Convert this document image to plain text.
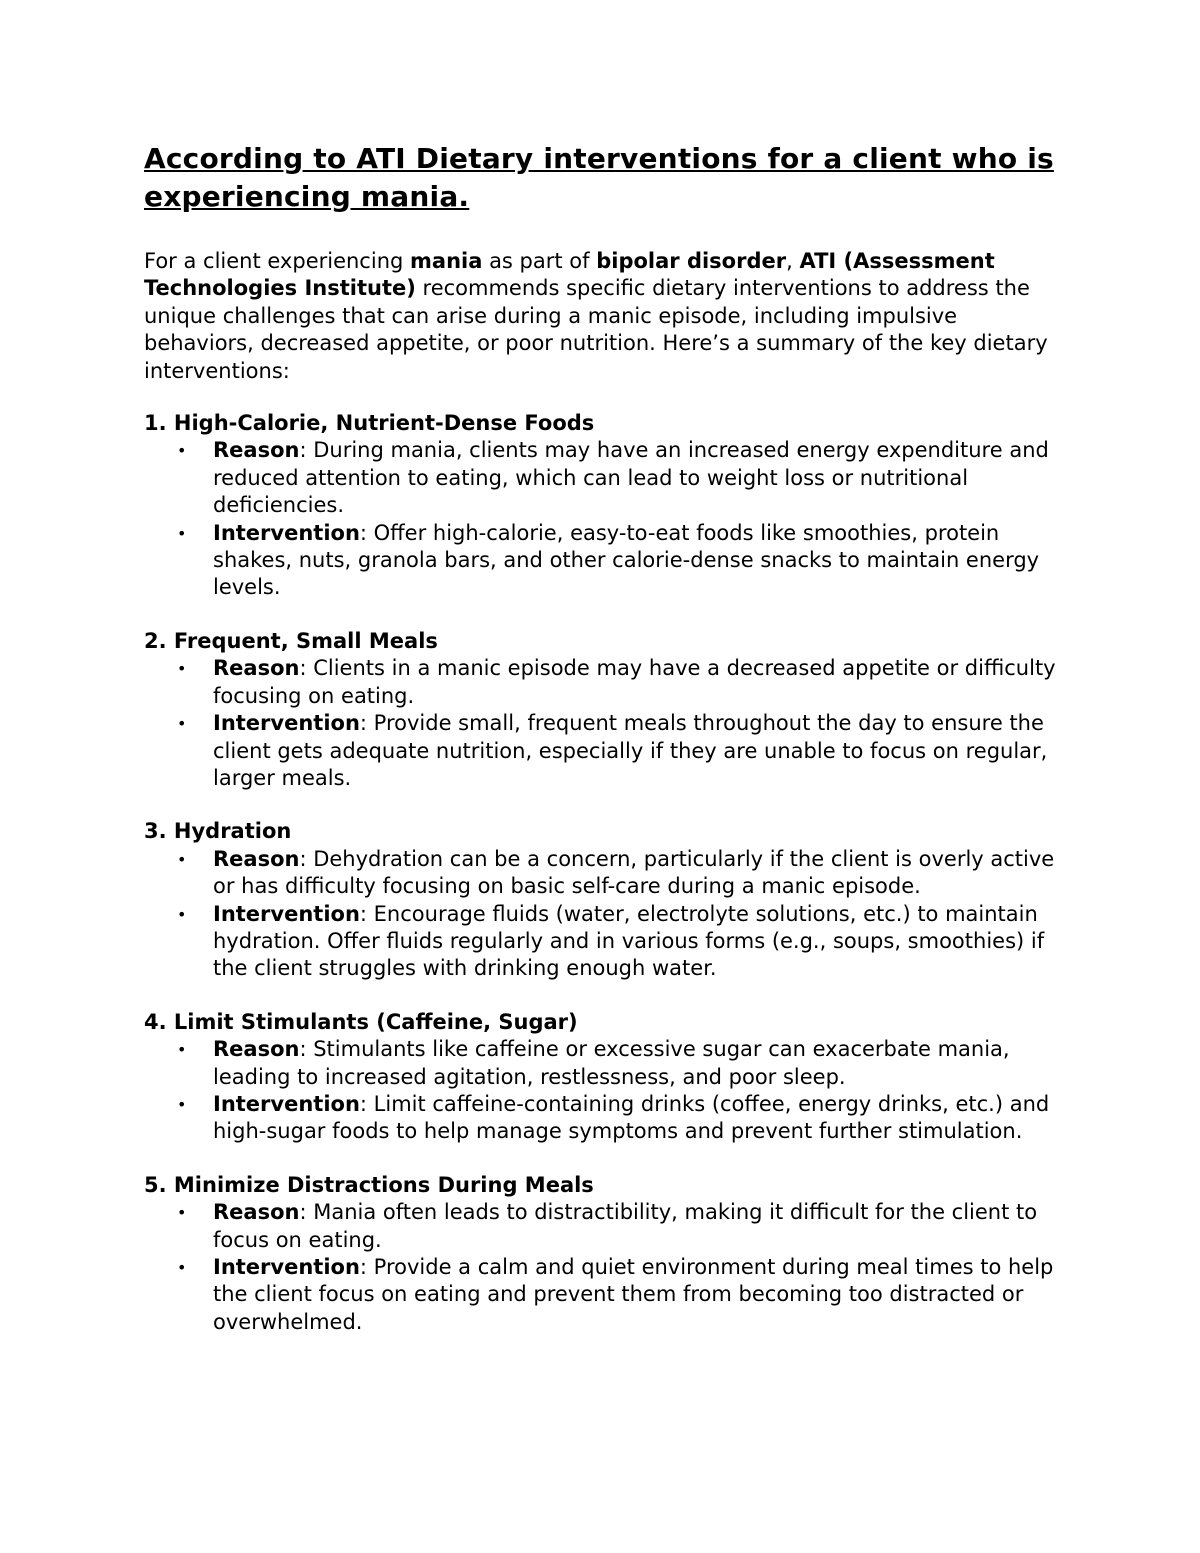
According to ATI Dietary interventions for a client who is experiencing mania.

For a client experiencing mania as part of bipolar disorder, ATI (Assessment Technologies Institute) recommends specific dietary interventions to address the unique challenges that can arise during a manic episode, including impulsive behaviors, decreased appetite, or poor nutrition. Here’s a summary of the key dietary interventions:

1. High-Calorie, Nutrient-Dense Foods

• Reason: During mania, clients may have an increased energy expenditure and reduced attention to eating, which can lead to weight loss or nutritional deficiencies.
• Intervention: Offer high-calorie, easy-to-eat foods like smoothies, protein shakes, nuts, granola bars, and other calorie-dense snacks to maintain energy levels.

2. Frequent, Small Meals

• Reason: Clients in a manic episode may have a decreased appetite or difficulty focusing on eating.
• Intervention: Provide small, frequent meals throughout the day to ensure the client gets adequate nutrition, especially if they are unable to focus on regular, larger meals.

3. Hydration

• Reason: Dehydration can be a concern, particularly if the client is overly active or has difficulty focusing on basic self-care during a manic episode.
• Intervention: Encourage fluids (water, electrolyte solutions, etc.) to maintain hydration. Offer fluids regularly and in various forms (e.g., soups, smoothies) if the client struggles with drinking enough water.

4. Limit Stimulants (Caffeine, Sugar)

• Reason: Stimulants like caffeine or excessive sugar can exacerbate mania, leading to increased agitation, restlessness, and poor sleep.
• Intervention: Limit caffeine-containing drinks (coffee, energy drinks, etc.) and high-sugar foods to help manage symptoms and prevent further stimulation.

5. Minimize Distractions During Meals

• Reason: Mania often leads to distractibility, making it difficult for the client to focus on eating.
• Intervention: Provide a calm and quiet environment during meal times to help the client focus on eating and prevent them from becoming too distracted or overwhelmed.
